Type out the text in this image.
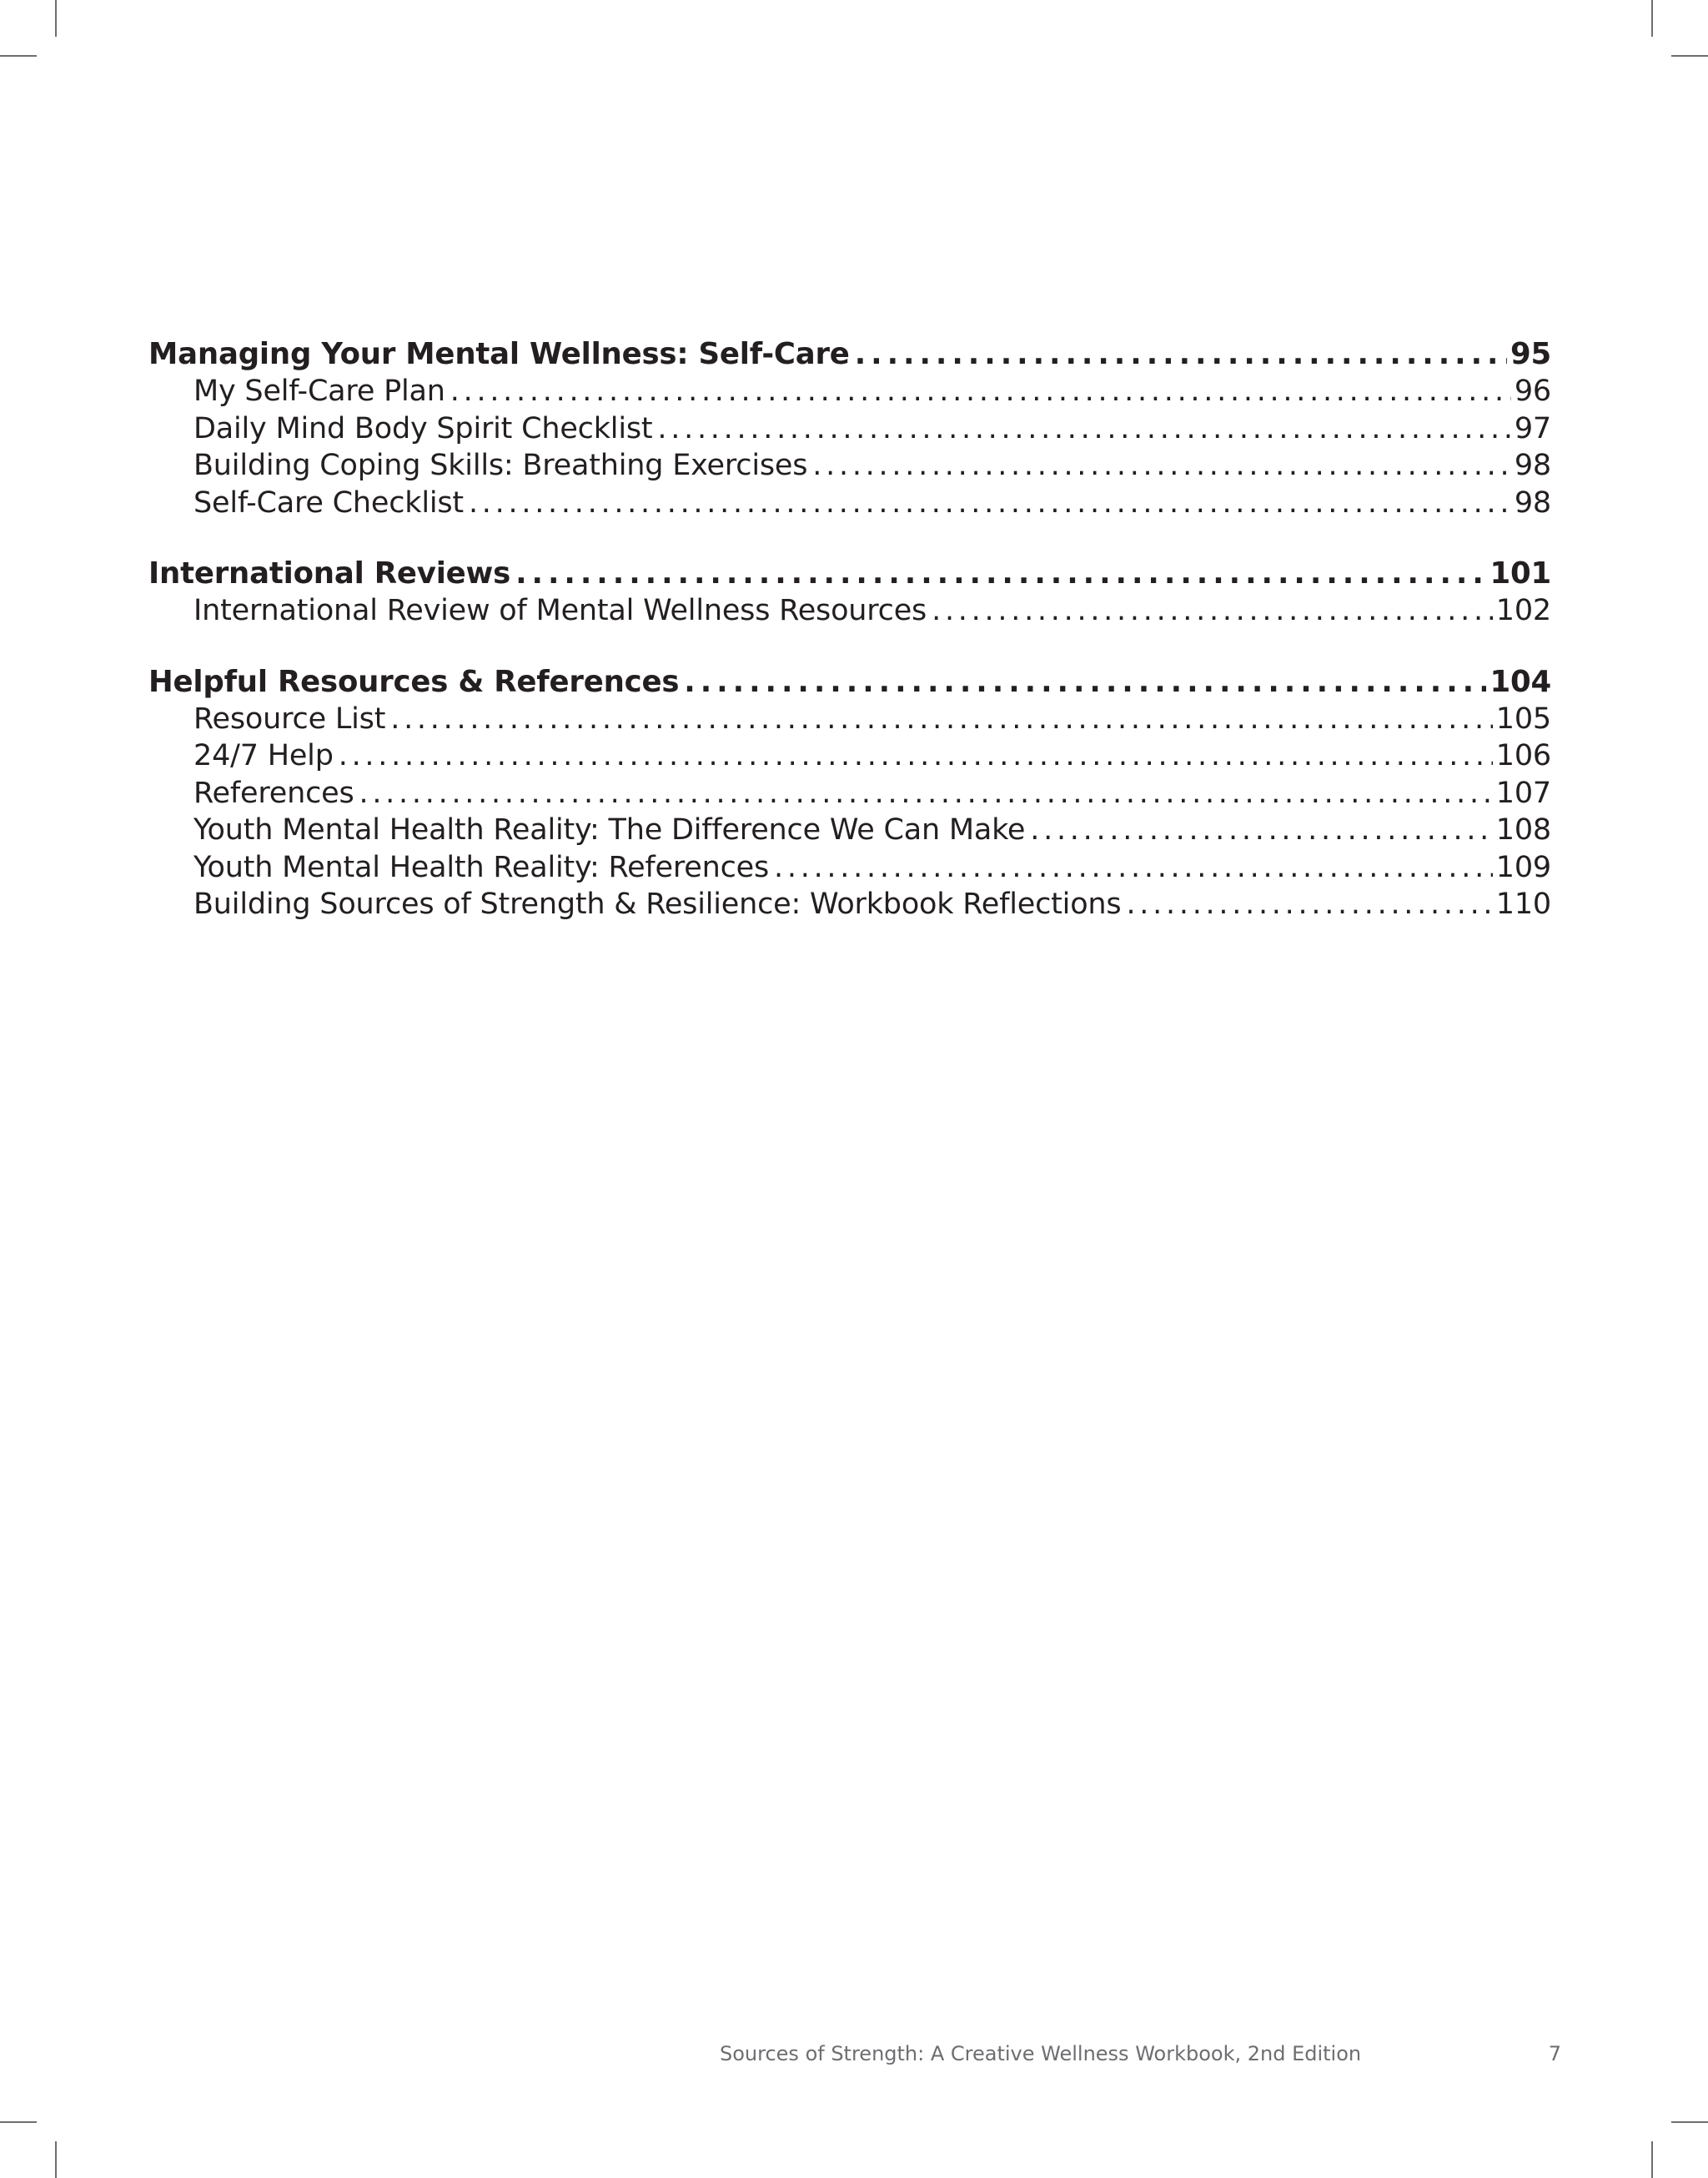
Managing Your Mental Wellness: Self-Care . . .	95
My Self-Care Plan . . .	96
Daily Mind Body Spirit Checklist . . .	97
Building Coping Skills: Breathing Exercises . . .	98
Self-Care Checklist . . .	98
International Reviews . . .	101
International Review of Mental Wellness Resources . . .	102
Helpful Resources & References . . .	104
Resource List . . .	105
24/7 Help . . .	106
References . . .	107
Youth Mental Health Reality: The Difference We Can Make . . .	108
Youth Mental Health Reality: References . . .	109
Building Sources of Strength & Resilience: Workbook Reflections . . .	110
Sources of Strength: A Creative Wellness Workbook, 2nd Edition	7
